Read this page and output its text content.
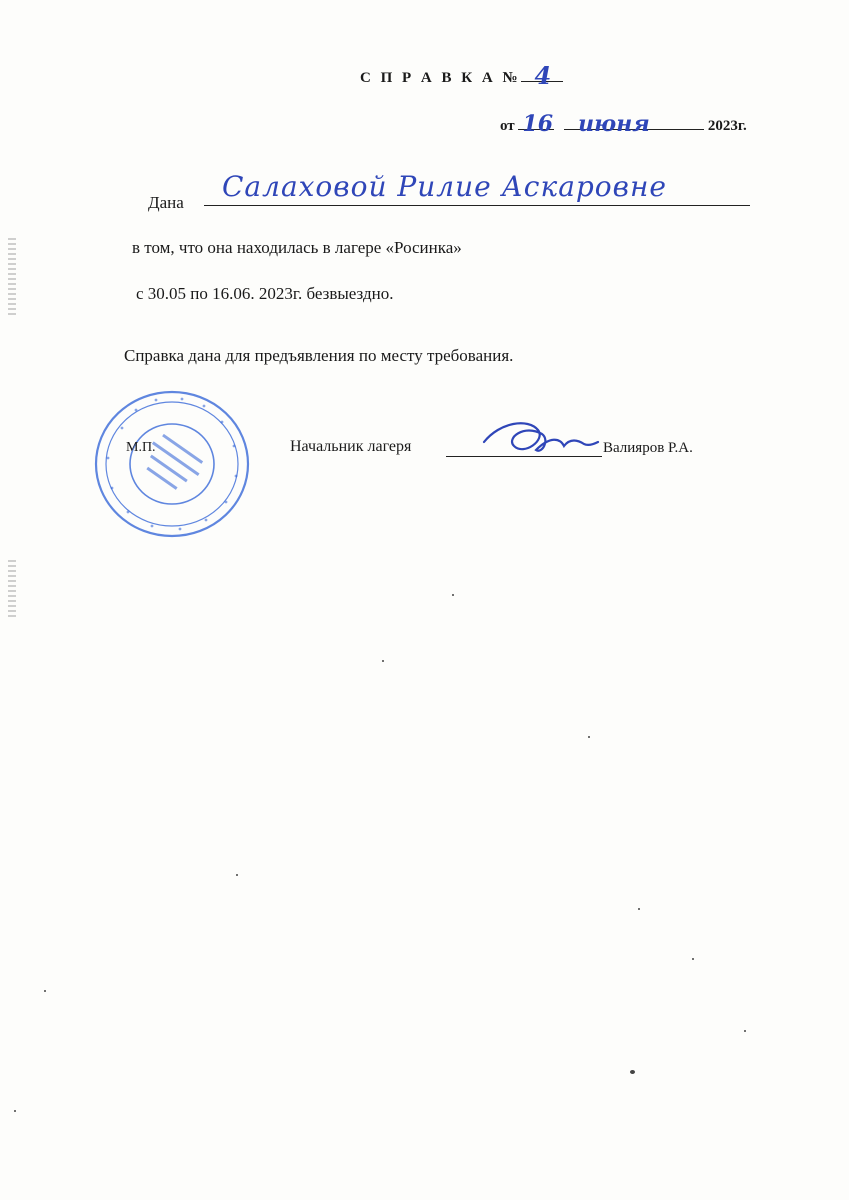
С П Р А В К А № 4
от 16
июня	2023г.
Дана Салаховой Рилие Аскаровне
в том, что она находилась в лагере «Росинка»
с 30.05 по 16.06. 2023г. безвыездно.
Справка дана для предъявления по месту требования.
М.П.	Начальник лагеря	Валияров Р.А.
